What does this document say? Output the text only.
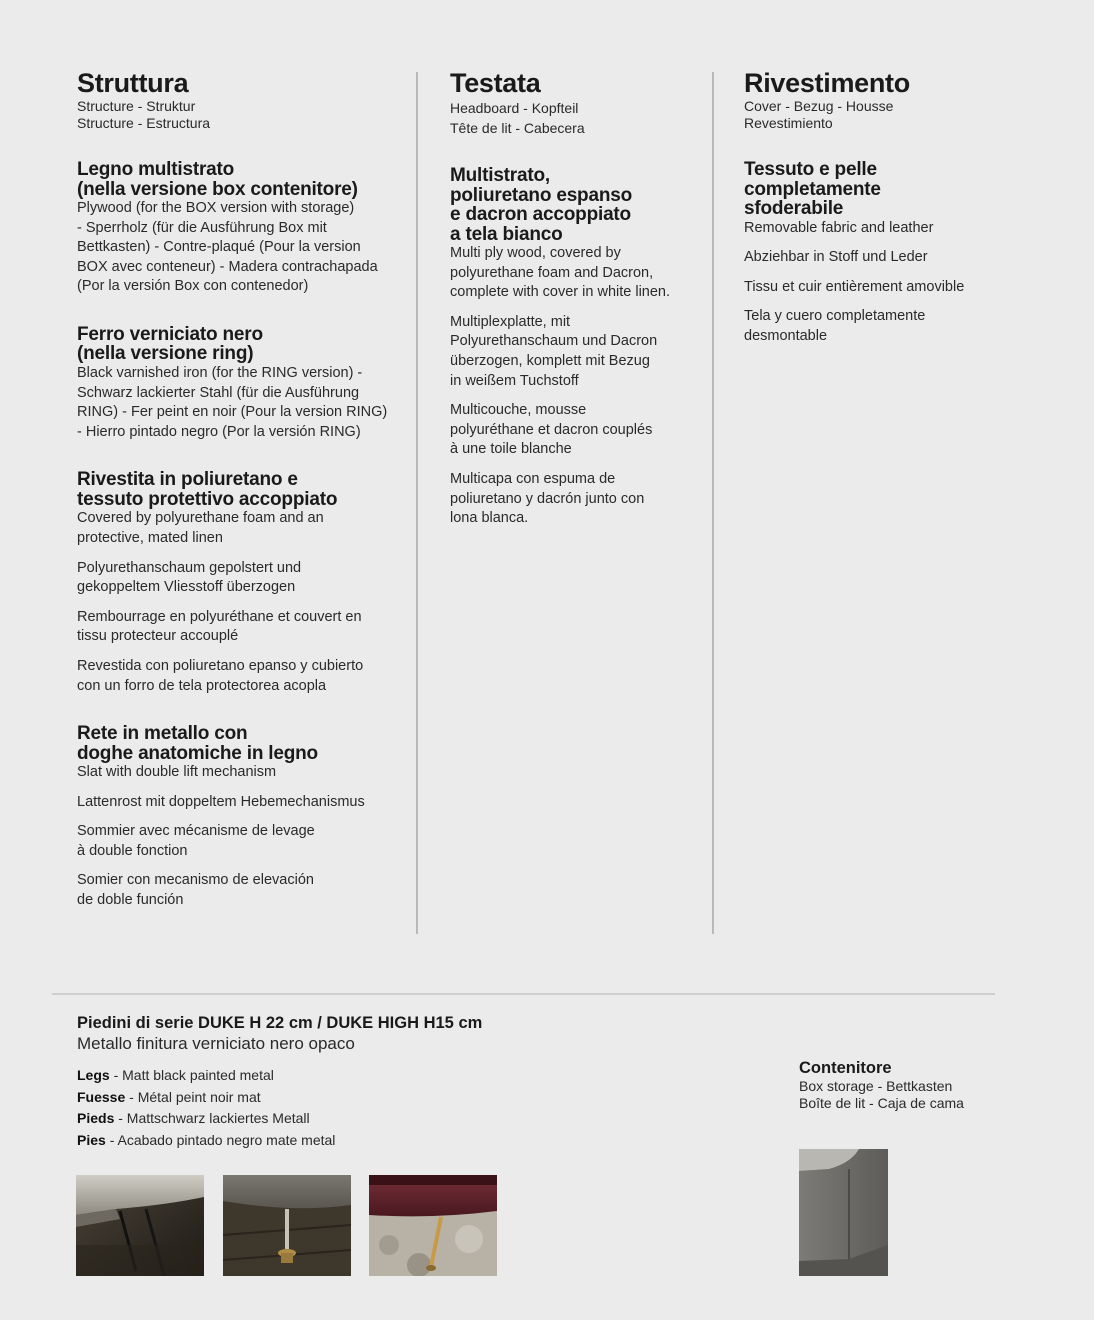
Struttura
Structure - Struktur
Structure - Estructura
Legno multistrato
(nella versione box contenitore)
Plywood (for the BOX version with storage)
- Sperrholz (für die Ausführung Box mit
Bettkasten) - Contre-plaqué (Pour la version
BOX avec conteneur) - Madera contrachapada
(Por la versión Box con contenedor)
Ferro verniciato nero
(nella versione ring)
Black varnished iron (for the RING version) -
Schwarz lackierter Stahl (für die Ausführung
RING) - Fer peint en noir (Pour la version RING)
- Hierro pintado negro (Por la versión RING)
Rivestita in poliuretano e
tessuto protettivo accoppiato
Covered by polyurethane foam and an
protective, mated linen
Polyurethanschaum gepolstert und
gekoppeltem Vliesstoff überzogen
Rembourrage en polyuréthane et couvert en
tissu protecteur accouplé
Revestida con poliuretano epanso y cubierto
con un forro de tela protectorea acopla
Rete in metallo con
doghe anatomiche in legno
Slat with double lift mechanism
Lattenrost mit doppeltem Hebemechanismus
Sommier avec mécanisme de levage
à double fonction
Somier con mecanismo de elevación
de doble función
Testata
Headboard - Kopfteil
Tête de lit - Cabecera
Multistrato,
poliuretano espanso
e dacron accoppiato
a tela bianco
Multi ply wood, covered by
polyurethane foam and Dacron,
complete with cover in white linen.
Multiplexplatte, mit
Polyurethanschaum und Dacron
überzogen, komplett mit Bezug
in weißem Tuchstoff
Multicouche, mousse
polyuréthane et dacron couplés
à une toile blanche
Multicapa con espuma de
poliuretano y dacrón junto con
lona blanca.
Rivestimento
Cover - Bezug - Housse
Revestimiento
Tessuto e pelle
completamente
sfoderabile
Removable fabric and leather
Abziehbar in Stoff und Leder
Tissu et cuir entièrement amovible
Tela y cuero completamente
desmontable
Piedini di serie DUKE H 22 cm / DUKE HIGH H15 cm
Metallo finitura verniciato nero opaco
Legs - Matt black painted metal
Fuesse - Métal peint noir mat
Pieds - Mattschwarz lackiertes Metall
Pies - Acabado pintado negro mate metal
Contenitore
Box storage - Bettkasten
Boîte de lit - Caja de cama
